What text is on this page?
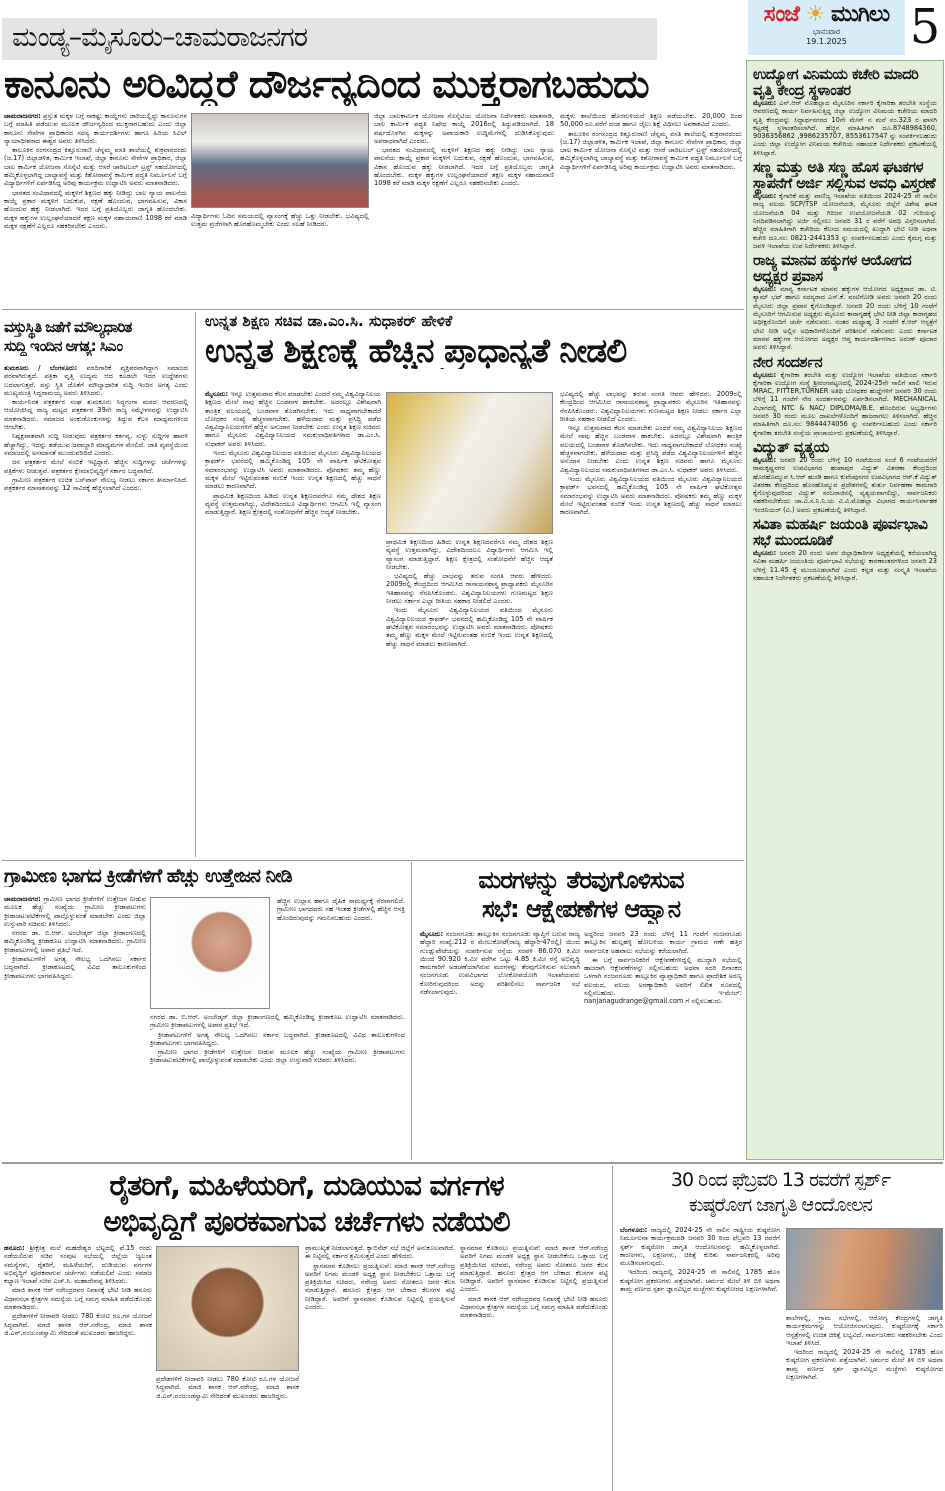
ಮಂಡ್ಯ–ಮೈಸೂರು–ಚಾಮರಾಜನಗರ
ಸಂಜೆ ☀ ಮುಗಿಲು
ಭಾನುವಾರ
19.1.2025	5
ಕಾನೂನು ಅರಿವಿದ್ದರೆ ದೌರ್ಜನ್ಯದಿಂದ ಮುಕ್ತರಾಗಬಹುದು

ಚಾಮರಾಜನಗರ: ಪ್ರಸ್ತುತ ಮಕ್ಕಳ ಬಗ್ಗೆ ಸಾಕಷ್ಟು ಕಾಯ್ದೆಗಳು ಜಾರಿಯಲ್ಲಿದ್ದು ಕಾನೂನುಗಳ ಬಗ್ಗೆ ಮಾಹಿತಿ ಪಡೆಯುವ ಮೂಲಕ ದೌರ್ಜನ್ಯದಿಂದ ಮುಕ್ತರಾಗಬಹುದು ಎಂದು ಜಿಲ್ಲಾ ಕಾನೂನು ಸೇವೆಗಳ ಪ್ರಾಧಿಕಾರದ ಸದಸ್ಯ ಕಾರ್ಯದರ್ಶಿಗಳು ಹಾಗೂ ಹಿರಿಯ ಸಿವಿಲ್ ನ್ಯಾಯಾಧೀಶರಾದ ಈಶ್ವರ ಅವರು ತಿಳಿಸಿದರು.

ತಾಲೂಕಿನ ರಂಗಸಂದ್ರದ ಕಿತ್ತೂರುರಾಣಿ ಚೆನ್ನಮ್ಮ ವಸತಿ ಶಾಲೆಯಲ್ಲಿ ಶುಕ್ರವಾರದಂದು (ಜ.17) ಜಿಲ್ಲಾಡಳಿತ, ಕಾರ್ಮಿಕ ಇಲಾಖೆ, ಜಿಲ್ಲಾ ಕಾನೂನು ಸೇವೆಗಳ ಪ್ರಾಧಿಕಾರ, ಜಿಲ್ಲಾ ಬಾಲ ಕಾರ್ಮಿಕ ಯೋಜನಾ ಸೊಸೈಟಿ ಮತ್ತು ಆಸರೆ ಚಾರಿಟಬಲ್ ಟ್ರಸ್ಟ್ ಸಹಯೋಗದಲ್ಲಿ ಹಮ್ಮಿಕೊಳ್ಳಲಾಗಿದ್ದ ಬಾಲ್ಯಾವಸ್ಥೆ ಮತ್ತು ಕಿಶೋರಾವಸ್ಥೆ ಕಾರ್ಮಿಕ ಪದ್ಧತಿ ನಿರ್ಮೂಲನೆ ಬಗ್ಗೆ ವಿದ್ಯಾರ್ಥಿಗಳಿಗೆ ಏರ್ಪಡಿಸಿದ್ದ ಅರಿವು ಕಾರ್ಯಕ್ರಮ ಉದ್ಘಾಟಿಸಿ ಅವರು ಮಾತನಾಡಿದರು.

ಭಾರತದ ಸಂವಿಧಾನದಲ್ಲಿ ಮಕ್ಕಳಿಗೆ ಶಿಕ್ಷಣದ ಹಕ್ಕು ನೀಡಿದ್ದು ಬಾಲ ನ್ಯಾಯ ಪಾಲನೆಯ ಕಾಯ್ದೆ ಪ್ರಕಾರ ಮಕ್ಕಳಿಗೆ ಬದುಕುವ, ರಕ್ಷಣೆ ಹೊಂದುವ, ಭಾಗವಹಿಸುವ, ವಿಕಾಸ ಹೊಂದುವ ಹಕ್ಕು ನೀಡಲಾಗಿದೆ. ಇದರ ಬಗ್ಗೆ ಪ್ರತಿಯೊಬ್ಬರು ಜಾಗೃತಿ ಹೊಂದಬೇಕು. ಮಕ್ಕಳ ಹಕ್ಕುಗಳ ಉಲ್ಲಂಘನೆಯಾದರೆ ತಕ್ಷಣ ಮಕ್ಕಳ ಸಹಾಯವಾಣಿ 1098 ಕರೆ ಮಾಡಿ ಮಕ್ಕಳ ರಕ್ಷಣೆಗೆ ಎಲ್ಲರೂ ಸಹಕರಿಸಬೇಕು ಎಂದರು.

ವಿದ್ಯಾರ್ಥಿಗಳು ಓದಿನ ಸಮಯದಲ್ಲಿ ವ್ಯಾಸಂಗಕ್ಕೆ ಹೆಚ್ಚು ಒತ್ತು ನೀಡಬೇಕು. ಭವಿಷ್ಯದಲ್ಲಿ ಉತ್ತಮ ಪ್ರಜೆಗಳಾಗಿ ಹೊರಹೊಮ್ಮಬೇಕು ಎಂದು ಸಲಹೆ ನೀಡಿದರು.

ಜಿಲ್ಲಾ ಬಾಲಕಾರ್ಮಿಕ ಯೋಜನಾ ಸೊಸೈಟಿಯ ಯೋಜನಾ ನಿರ್ದೇಶಕರು ಮಾತನಾಡಿ, ಬಾಲ ಕಾರ್ಮಿಕ ಪದ್ಧತಿ ನಿಷೇಧ ಕಾಯ್ದೆ 2016ರಲ್ಲಿ ತಿದ್ದುಪಡಿಯಾಗಿದೆ. 18 ವರ್ಷದೊಳಗಿನ ಮಕ್ಕಳನ್ನು ಅಪಾಯಕಾರಿ ಉದ್ದಿಮೆಗಳಲ್ಲಿ ದುಡಿಸಿಕೊಳ್ಳುವುದು ಅಪರಾಧವಾಗಿದೆ ಎಂದರು.

ಭಾರತದ ಸಂವಿಧಾನದಲ್ಲಿ ಮಕ್ಕಳಿಗೆ ಶಿಕ್ಷಣದ ಹಕ್ಕು ನೀಡಿದ್ದು ಬಾಲ ನ್ಯಾಯ ಪಾಲನೆಯ ಕಾಯ್ದೆ ಪ್ರಕಾರ ಮಕ್ಕಳಿಗೆ ಬದುಕುವ, ರಕ್ಷಣೆ ಹೊಂದುವ, ಭಾಗವಹಿಸುವ, ವಿಕಾಸ ಹೊಂದುವ ಹಕ್ಕು ನೀಡಲಾಗಿದೆ. ಇದರ ಬಗ್ಗೆ ಪ್ರತಿಯೊಬ್ಬರು ಜಾಗೃತಿ ಹೊಂದಬೇಕು. ಮಕ್ಕಳ ಹಕ್ಕುಗಳ ಉಲ್ಲಂಘನೆಯಾದರೆ ತಕ್ಷಣ ಮಕ್ಕಳ ಸಹಾಯವಾಣಿ 1098 ಕರೆ ಮಾಡಿ ಮಕ್ಕಳ ರಕ್ಷಣೆಗೆ ಎಲ್ಲರೂ ಸಹಕರಿಸಬೇಕು ಎಂದರು.

ಮಕ್ಕಳು ಶಾಲೆಯಿಂದ ಹೊರಗುಳಿಯದೆ ಶಿಕ್ಷಣ ಪಡೆಯಬೇಕು. 20,000 ದಿಂದ 50,000 ರೂ.ವರೆಗೆ ದಂಡ ಹಾಗೂ ಜೈಲು ಶಿಕ್ಷೆ ವಿಧಿಸಲು ಅವಕಾಶವಿದೆ ಎಂದರು.

ತಾಲೂಕಿನ ರಂಗಸಂದ್ರದ ಕಿತ್ತೂರುರಾಣಿ ಚೆನ್ನಮ್ಮ ವಸತಿ ಶಾಲೆಯಲ್ಲಿ ಶುಕ್ರವಾರದಂದು (ಜ.17) ಜಿಲ್ಲಾಡಳಿತ, ಕಾರ್ಮಿಕ ಇಲಾಖೆ, ಜಿಲ್ಲಾ ಕಾನೂನು ಸೇವೆಗಳ ಪ್ರಾಧಿಕಾರ, ಜಿಲ್ಲಾ ಬಾಲ ಕಾರ್ಮಿಕ ಯೋಜನಾ ಸೊಸೈಟಿ ಮತ್ತು ಆಸರೆ ಚಾರಿಟಬಲ್ ಟ್ರಸ್ಟ್ ಸಹಯೋಗದಲ್ಲಿ ಹಮ್ಮಿಕೊಳ್ಳಲಾಗಿದ್ದ ಬಾಲ್ಯಾವಸ್ಥೆ ಮತ್ತು ಕಿಶೋರಾವಸ್ಥೆ ಕಾರ್ಮಿಕ ಪದ್ಧತಿ ನಿರ್ಮೂಲನೆ ಬಗ್ಗೆ ವಿದ್ಯಾರ್ಥಿಗಳಿಗೆ ಏರ್ಪಡಿಸಿದ್ದ ಅರಿವು ಕಾರ್ಯಕ್ರಮ ಉದ್ಘಾಟಿಸಿ ಅವರು ಮಾತನಾಡಿದರು.

ವಸ್ತುಸ್ಥಿತಿ ಜತೆಗೆ ಮೌಲ್ಯಧಾರಿತ
ಸುದ್ದಿ ಇಂದಿನ ಅಗತ್ಯ: ಸಿಎಂ

ತುಮಕೂರು / ಬೆಂಗಳೂರು: ವರದಿಗಾರಿಕೆ ವ್ಯಕ್ತಿಪರವಾಗಿದ್ದಾಗ ಸಮಾಜದ ಪರವಾಗಿರುತ್ತದೆ. ಪತ್ರಿಕಾ ವೃತ್ತಿ ಉದ್ಯಮ ಆದ ಕೂಡಲೇ ಇದರ ಉದ್ದೇಶಗಳು ಬದಲಾಗುತ್ತವೆ. ವಸ್ತು ಸ್ಥಿತಿ ಜೊತೆಗೆ ಮೌಲ್ಯಾಧಾರಿತ ಸುದ್ದಿ ಇಂದಿನ ಅಗತ್ಯ ಎಂದು ಮುಖ್ಯಮಂತ್ರಿ ಸಿದ್ದರಾಮಯ್ಯ ಅವರು ತಿಳಿಸಿದರು.

ಕಾರ್ಯನಿರತ ಪತ್ರಕರ್ತರ ಸಂಘ ತುಮಕೂರು ಸಿದ್ಧಗಂಗಾ ಮಠದ ಆವರಣದಲ್ಲಿ ಆಯೋಜಿಸಿದ್ದ ರಾಜ್ಯ ಮಟ್ಟದ ಪತ್ರಕರ್ತರ 39ನೇ ರಾಜ್ಯ ಸಮ್ಮೇಳನವನ್ನು ಉದ್ಘಾಟಿಸಿ ಮಾತನಾಡಿದರು. ಸಮಾಜದ ಅಂಕುಡೊಂಕುಗಳನ್ನು ತಿದ್ದುವ ಕೆಲಸ ಮಾಧ್ಯಮಗಳಿಂದ ಆಗಬೇಕು.

ನಿಷ್ಪಕ್ಷಪಾತವಾಗಿ ಸುದ್ದಿ ನೀಡುವುದು ಪತ್ರಕರ್ತರ ಕರ್ತವ್ಯ. ಸುಳ್ಳು ಸುದ್ದಿಗಳ ಹಾವಳಿ ಹೆಚ್ಚಾಗಿದ್ದು, ಇದನ್ನು ತಡೆಯುವ ಜವಾಬ್ದಾರಿ ಮಾಧ್ಯಮಗಳ ಮೇಲಿದೆ. ಜಾತಿ ವ್ಯವಸ್ಥೆಯಿಂದ ಸಮಾಜದಲ್ಲಿ ಅಸಮಾನತೆ ಮುಂದುವರಿದಿದೆ ಎಂದರು.

ಜನ ಪತ್ರಕರ್ತರ ಮೇಲೆ ನಂಬಿಕೆ ಇಟ್ಟಿದ್ದಾರೆ. ಹೆಚ್ಚಿನ ಸುದ್ದಿಗಳನ್ನು ಚರ್ಚೆಗಳನ್ನು ಪತ್ರಿಕೆಗಳು ನೀಡುತ್ತವೆ. ಪತ್ರಕರ್ತರ ಕ್ಷೇಮಾಭಿವೃದ್ಧಿಗೆ ಸರ್ಕಾರ ಬದ್ಧವಾಗಿದೆ.

ಗ್ರಾಮೀಣ ಪತ್ರಕರ್ತರ ಉಚಿತ ಬಸ್‌ಪಾಸ್ ಸೌಲಭ್ಯ ನೀಡಲು ಸರ್ಕಾರ ತೀರ್ಮಾನಿಸಿದೆ. ಪತ್ರಕರ್ತರ ಮಾಸಾಶನವನ್ನು 12 ಸಾವಿರಕ್ಕೆ ಹೆಚ್ಚಿಸಲಾಗಿದೆ ಎಂದರು.

ಉನ್ನತ ಶಿಕ್ಷಣ ಸಚಿವ ಡಾ.ಎಂ.ಸಿ. ಸುಧಾಕರ್ ಹೇಳಿಕೆ
ಉನ್ನತ ಶಿಕ್ಷಣಕ್ಕೆ ಹೆಚ್ಚಿನ ಪ್ರಾಧಾನ್ಯತೆ ನೀಡಲಿ

ಮೈಸೂರು: ಇನ್ನೂ ಉತ್ತಮವಾದ ಕೆಲಸ ಮಾಡಬೇಕು ಎಂದರೆ ನಮ್ಮ ವಿಶ್ವವಿದ್ಯಾನಿಲಯ ಶಿಕ್ಷಣದ ಮೇಲೆ ನಾವು ಹೆಚ್ಚಿನ ಬಂಡವಾಳ ಹಾಕಬೇಕು. ಅದರಲ್ಲೂ ವಿಶೇಷವಾಗಿ ತಾಂತ್ರಿಕ ವಲಯದಲ್ಲಿ ಬಂಡವಾಳ ತೊಡಗಿಸಬೇಕು. ಇದು ಸಾಧ್ಯವಾಗಬೇಕಾದರೆ ಬೋಧಕರ ಸಂಖ್ಯೆ ಹೆಚ್ಚಳವಾಗಬೇಕು. ಹಳೆಯದಾದ ಮತ್ತು ಪ್ರಸಿದ್ಧಿ ಪಡೆದ ವಿಶ್ವವಿದ್ಯಾನಿಲಯಗಳಿಗೆ ಹೆಚ್ಚಿನ ಅನುದಾನ ನೀಡಬೇಕು ಎಂದು ಉನ್ನತ ಶಿಕ್ಷಣ ಸಚಿವರು ಹಾಗೂ ಮೈಸೂರು ವಿಶ್ವವಿದ್ಯಾನಿಲಯದ ಸಮಕುಲಾಧಿಪತಿಗಳಾದ ಡಾ.ಎಂ.ಸಿ. ಸುಧಾಕರ್ ಅವರು ತಿಳಿಸಿದರು.

ಇಂದು ಮೈಸೂರು ವಿಶ್ವವಿದ್ಯಾನಿಲಯದ ವತಿಯಿಂದ ಮೈಸೂರು ವಿಶ್ವವಿದ್ಯಾನಿಲಯದ ಕ್ರಾಫರ್ಡ್ ಭವನದಲ್ಲಿ ಹಮ್ಮಿಕೊಂಡಿದ್ದ 105 ನೇ ವಾರ್ಷಿಕ ಘಟಿಕೋತ್ಸವ ಸಮಾರಂಭವನ್ನು ಉದ್ಘಾಟಿಸಿ ಅವರು ಮಾತನಾಡಿದರು. ಪೋಷಕರು ತಮ್ಮ ಹೆಣ್ಣು ಮಕ್ಕಳ ಮೇಲೆ ಇಟ್ಟಿರುವಂತಹ ನಂಬಿಕೆ ಇಂದು ಉನ್ನತ ಶಿಕ್ಷಣದಲ್ಲಿ ಹೆಚ್ಚು ಸಾಧನೆ ಮಾಡಲು ಕಾರಣವಾಗಿದೆ.

ಪ್ರಾಥಮಿಕ ಶಿಕ್ಷಣದಿಂದ ಹಿಡಿದು ಉನ್ನತ ಶಿಕ್ಷಣದವರೆಗೂ ನಮ್ಮ ದೇಶದ ಶಿಕ್ಷಣ ವ್ಯವಸ್ಥೆ ಉತ್ತಮವಾಗಿದ್ದು, ವಿದೇಶದಿಂದಲೂ ವಿದ್ಯಾರ್ಥಿಗಳು ಆಗಮಿಸಿ ಇಲ್ಲಿ ವ್ಯಾಸಂಗ ಮಾಡುತ್ತಿದ್ದಾರೆ. ಶಿಕ್ಷಣ ಕ್ಷೇತ್ರದಲ್ಲಿ ಸಂಶೋಧನೆಗೆ ಹೆಚ್ಚಿನ ಆದ್ಯತೆ ನೀಡಬೇಕು.

ಪ್ರಾಥಮಿಕ ಶಿಕ್ಷಣದಿಂದ ಹಿಡಿದು ಉನ್ನತ ಶಿಕ್ಷಣದವರೆಗೂ ನಮ್ಮ ದೇಶದ ಶಿಕ್ಷಣ ವ್ಯವಸ್ಥೆ ಉತ್ತಮವಾಗಿದ್ದು, ವಿದೇಶದಿಂದಲೂ ವಿದ್ಯಾರ್ಥಿಗಳು ಆಗಮಿಸಿ ಇಲ್ಲಿ ವ್ಯಾಸಂಗ ಮಾಡುತ್ತಿದ್ದಾರೆ. ಶಿಕ್ಷಣ ಕ್ಷೇತ್ರದಲ್ಲಿ ಸಂಶೋಧನೆಗೆ ಹೆಚ್ಚಿನ ಆದ್ಯತೆ ನೀಡಬೇಕು.

ಭವಿಷ್ಯದಲ್ಲಿ ಹೆಚ್ಚು ಲಾಭವನ್ನು ತರುವ ಸಂಗತಿ ಆವರು ಹೇಳಿದರು. 2009ರಲ್ಲಿ ಕೇಂದ್ರದಿಂದ ಆಗಮಿಸಿದ ರಾಸಾಯನಶಾಸ್ತ್ರ ಪ್ರಾಧ್ಯಾಪಕರು ಮೈಸೂರಿನ ಇತಿಹಾಸವನ್ನು ನೆನಪಿಸಿಕೊಂಡರು. ವಿಶ್ವವಿದ್ಯಾನಿಲಯಗಳು ಗುಣಮಟ್ಟದ ಶಿಕ್ಷಣ ನೀಡಲು ಸರ್ಕಾರ ಎಲ್ಲಾ ರೀತಿಯ ಸಹಕಾರ ನೀಡಲಿದೆ ಎಂದರು.

ಇಂದು ಮೈಸೂರು ವಿಶ್ವವಿದ್ಯಾನಿಲಯದ ವತಿಯಿಂದ ಮೈಸೂರು ವಿಶ್ವವಿದ್ಯಾನಿಲಯದ ಕ್ರಾಫರ್ಡ್ ಭವನದಲ್ಲಿ ಹಮ್ಮಿಕೊಂಡಿದ್ದ 105 ನೇ ವಾರ್ಷಿಕ ಘಟಿಕೋತ್ಸವ ಸಮಾರಂಭವನ್ನು ಉದ್ಘಾಟಿಸಿ ಅವರು ಮಾತನಾಡಿದರು. ಪೋಷಕರು ತಮ್ಮ ಹೆಣ್ಣು ಮಕ್ಕಳ ಮೇಲೆ ಇಟ್ಟಿರುವಂತಹ ನಂಬಿಕೆ ಇಂದು ಉನ್ನತ ಶಿಕ್ಷಣದಲ್ಲಿ ಹೆಚ್ಚು ಸಾಧನೆ ಮಾಡಲು ಕಾರಣವಾಗಿದೆ.

ಭವಿಷ್ಯದಲ್ಲಿ ಹೆಚ್ಚು ಲಾಭವನ್ನು ತರುವ ಸಂಗತಿ ಆವರು ಹೇಳಿದರು. 2009ರಲ್ಲಿ ಕೇಂದ್ರದಿಂದ ಆಗಮಿಸಿದ ರಾಸಾಯನಶಾಸ್ತ್ರ ಪ್ರಾಧ್ಯಾಪಕರು ಮೈಸೂರಿನ ಇತಿಹಾಸವನ್ನು ನೆನಪಿಸಿಕೊಂಡರು. ವಿಶ್ವವಿದ್ಯಾನಿಲಯಗಳು ಗುಣಮಟ್ಟದ ಶಿಕ್ಷಣ ನೀಡಲು ಸರ್ಕಾರ ಎಲ್ಲಾ ರೀತಿಯ ಸಹಕಾರ ನೀಡಲಿದೆ ಎಂದರು.

ಇನ್ನೂ ಉತ್ತಮವಾದ ಕೆಲಸ ಮಾಡಬೇಕು ಎಂದರೆ ನಮ್ಮ ವಿಶ್ವವಿದ್ಯಾನಿಲಯ ಶಿಕ್ಷಣದ ಮೇಲೆ ನಾವು ಹೆಚ್ಚಿನ ಬಂಡವಾಳ ಹಾಕಬೇಕು. ಅದರಲ್ಲೂ ವಿಶೇಷವಾಗಿ ತಾಂತ್ರಿಕ ವಲಯದಲ್ಲಿ ಬಂಡವಾಳ ತೊಡಗಿಸಬೇಕು. ಇದು ಸಾಧ್ಯವಾಗಬೇಕಾದರೆ ಬೋಧಕರ ಸಂಖ್ಯೆ ಹೆಚ್ಚಳವಾಗಬೇಕು. ಹಳೆಯದಾದ ಮತ್ತು ಪ್ರಸಿದ್ಧಿ ಪಡೆದ ವಿಶ್ವವಿದ್ಯಾನಿಲಯಗಳಿಗೆ ಹೆಚ್ಚಿನ ಅನುದಾನ ನೀಡಬೇಕು ಎಂದು ಉನ್ನತ ಶಿಕ್ಷಣ ಸಚಿವರು ಹಾಗೂ ಮೈಸೂರು ವಿಶ್ವವಿದ್ಯಾನಿಲಯದ ಸಮಕುಲಾಧಿಪತಿಗಳಾದ ಡಾ.ಎಂ.ಸಿ. ಸುಧಾಕರ್ ಅವರು ತಿಳಿಸಿದರು.

ಇಂದು ಮೈಸೂರು ವಿಶ್ವವಿದ್ಯಾನಿಲಯದ ವತಿಯಿಂದ ಮೈಸೂರು ವಿಶ್ವವಿದ್ಯಾನಿಲಯದ ಕ್ರಾಫರ್ಡ್ ಭವನದಲ್ಲಿ ಹಮ್ಮಿಕೊಂಡಿದ್ದ 105 ನೇ ವಾರ್ಷಿಕ ಘಟಿಕೋತ್ಸವ ಸಮಾರಂಭವನ್ನು ಉದ್ಘಾಟಿಸಿ ಅವರು ಮಾತನಾಡಿದರು. ಪೋಷಕರು ತಮ್ಮ ಹೆಣ್ಣು ಮಕ್ಕಳ ಮೇಲೆ ಇಟ್ಟಿರುವಂತಹ ನಂಬಿಕೆ ಇಂದು ಉನ್ನತ ಶಿಕ್ಷಣದಲ್ಲಿ ಹೆಚ್ಚು ಸಾಧನೆ ಮಾಡಲು ಕಾರಣವಾಗಿದೆ.

ಗ್ರಾಮೀಣ ಭಾಗದ ಕ್ರೀಡೆಗಳಿಗೆ ಹೆಚ್ಚು ಉತ್ತೇಜನ ನೀಡಿ

ಚಾಮರಾಜನಗರ: ಗ್ರಾಮೀಣ ಭಾಗದ ಕ್ರೀಡೆಗಳಿಗೆ ಉತ್ತೇಜನ ನೀಡುವ ಮೂಲಕ ಹೆಚ್ಚು ಸಂಖ್ಯೆಯ ಗ್ರಾಮೀಣ ಕ್ರೀಡಾಪಟುಗಳು ಕ್ರೀಡಾಚಟುವಟಿಕೆಗಳಲ್ಲಿ ಪಾಲ್ಗೊಳ್ಳುವಂತೆ ಮಾಡಬೇಕು ಎಂದು ಜಿಲ್ಲಾ ಉಸ್ತುವಾರಿ ಸಚಿವರು ತಿಳಿಸಿದರು.

ನಗರದ ಡಾ. ಬಿ.ಆರ್. ಅಂಬೇಡ್ಕರ್ ಜಿಲ್ಲಾ ಕ್ರೀಡಾಂಗಣದಲ್ಲಿ ಹಮ್ಮಿಕೊಂಡಿದ್ದ ಕ್ರೀಡಾಕೂಟ ಉದ್ಘಾಟಿಸಿ ಮಾತನಾಡಿದರು. ಗ್ರಾಮೀಣ ಕ್ರೀಡಾಪಟುಗಳಲ್ಲಿ ಅಪಾರ ಪ್ರತಿಭೆ ಇದೆ.

ಕ್ರೀಡಾಪಟುಗಳಿಗೆ ಅಗತ್ಯ ಸೌಲಭ್ಯ ಒದಗಿಸಲು ಸರ್ಕಾರ ಬದ್ಧವಾಗಿದೆ. ಕ್ರೀಡಾಕೂಟದಲ್ಲಿ ವಿವಿಧ ತಾಲೂಕುಗಳಿಂದ ಕ್ರೀಡಾಪಟುಗಳು ಭಾಗವಹಿಸಿದ್ದರು.

ನಗರದ ಡಾ. ಬಿ.ಆರ್. ಅಂಬೇಡ್ಕರ್ ಜಿಲ್ಲಾ ಕ್ರೀಡಾಂಗಣದಲ್ಲಿ ಹಮ್ಮಿಕೊಂಡಿದ್ದ ಕ್ರೀಡಾಕೂಟ ಉದ್ಘಾಟಿಸಿ ಮಾತನಾಡಿದರು. ಗ್ರಾಮೀಣ ಕ್ರೀಡಾಪಟುಗಳಲ್ಲಿ ಅಪಾರ ಪ್ರತಿಭೆ ಇದೆ.

ಕ್ರೀಡಾಪಟುಗಳಿಗೆ ಅಗತ್ಯ ಸೌಲಭ್ಯ ಒದಗಿಸಲು ಸರ್ಕಾರ ಬದ್ಧವಾಗಿದೆ. ಕ್ರೀಡಾಕೂಟದಲ್ಲಿ ವಿವಿಧ ತಾಲೂಕುಗಳಿಂದ ಕ್ರೀಡಾಪಟುಗಳು ಭಾಗವಹಿಸಿದ್ದರು.

ಗ್ರಾಮೀಣ ಭಾಗದ ಕ್ರೀಡೆಗಳಿಗೆ ಉತ್ತೇಜನ ನೀಡುವ ಮೂಲಕ ಹೆಚ್ಚು ಸಂಖ್ಯೆಯ ಗ್ರಾಮೀಣ ಕ್ರೀಡಾಪಟುಗಳು ಕ್ರೀಡಾಚಟುವಟಿಕೆಗಳಲ್ಲಿ ಪಾಲ್ಗೊಳ್ಳುವಂತೆ ಮಾಡಬೇಕು ಎಂದು ಜಿಲ್ಲಾ ಉಸ್ತುವಾರಿ ಸಚಿವರು ತಿಳಿಸಿದರು.

ಹೆಚ್ಚಿನ ಉಲ್ಲಾಸ ಹಾಗೂ ದೈಹಿಕ ಸಾಮರ್ಥ್ಯಕ್ಕೆ ನೆರವಾಗಲಿದೆ. ಗ್ರಾಮೀಣ ಭಾಗದವರು ಸಹ ಇಂತಹ ಕ್ರೀಡೆಗಳಲ್ಲಿ ಹೆಚ್ಚಿನ ಆಸಕ್ತಿ ಹೊಂದಿರುವುದನ್ನು ಗಮನಿಸಬಹುದು ಎಂದರು.

ಮರಗಳನ್ನು ತೆರವುಗೊಳಿಸುವ
ಸಭೆ: ಆಕ್ಷೇಪಣೆಗಳ ಆಹ್ವಾನ

ಮೈಸೂರು: ನಂಜನಗೂಡು ತಾಲ್ಲೂಕಿನ ನಂಜನಗೂಡು ವ್ಯಾಪ್ತಿಗೆ ಬರುವ ರಾಜ್ಯ ಹೆದ್ದಾರಿ ಸಂಖ್ಯೆ:212 ರ ಮೇಲುಕೋಟೆ(ರಾಜ್ಯ ಹೆದ್ದಾರಿ-47ರಲ್ಲಿ) ಯಿಂದ ಗುಂಡ್ಲುಪೇಟೆಯನ್ನು ಸಂಪರ್ಕಿಸುವ ರಸ್ತೆಯ ಸರಪಳಿ 86.070 ಕಿ.ಮೀ ಯಿಂದ 90.920 ಕಿ.ಮೀ ವರೆಗಿನ ಒಟ್ಟು 4.85 ಕಿ.ಮೀ ರಸ್ತೆ ಅಭಿವೃದ್ಧಿ ಕಾಮಗಾರಿಗೆ ಅಡಚಣೆಯಾಗಿರುವ ಮರಗಳನ್ನು ತೆರವುಗೊಳಿಸುವ ಸಲುವಾಗಿ ನಂಜನಗೂಡು ಉಪವಿಭಾಗದ ಲೋಕೋಪಯೋಗಿ ಇಲಾಖೆಯವರು ಕೋರಿರುವುದರಿಂದ ಅದನ್ನು ಪರಿಶೀಲಿಸಲು ಸಾರ್ವಜನಿಕ ಸಭೆ ನಡೆಸಲಾಗುವುದು.

ಅದ್ದರಿಂದ ಜನವರಿ 23 ರಂದು ಬೆಳಿಗ್ಗೆ 11 ಗಂಟೆಗೆ ನಂಜನಗೂಡು ತಾಲ್ಲೂಕಿನ ಹುಲ್ಲಹಳ್ಳಿ ಹೋಬಳಿಯ ಕಾರ್ಯ ಗ್ರಾಮದ ಗಣೇ ಹತ್ತಿರ ಸಾರ್ವಜನಿಕ ಅಹವಾಲು ಸಭೆಯನ್ನು ಕರೆಯಲಾಗಿದೆ.

ಈ ಬಗ್ಗೆ ಸಾರ್ವಜನಿಕರಿಗೆ ಆಕ್ಷೇಪಣೆಗಳಿದ್ದಲ್ಲಿ ಮುದ್ದಾಗಿ ಸಭೆಯಲ್ಲಿ ಹಾಜರಾಗಿ ಆಕ್ಷೇಪಣೆಗಳನ್ನು ಸಲ್ಲಿಸಬಹುದು ಅಥವಾ ಸದರಿ ದಿನಾಂಕದ ಒಳಗಾಗಿ ನಂಜನಗೂಡು ತಾಲ್ಲೂಕಿನ ವ್ಯಾಪ್ತಾಧಿಕಾರಿ ಹಾಗೂ ಪ್ರಾದೇಶಿಕ ಅರಣ್ಯ ವಲಯದ, ವಲಯ ಅರಣ್ಯಾಧಿಕಾರಿ ಅವರಿಗೆ ಲಿಖಿತ ರೂಪದಲ್ಲಿ ಸಲ್ಲಿಸಬಹುದು. ಇ-ಮೇಲ್: nanjanagudrange@gmail.com ಗೆ ಸಲ್ಲಿಸಬಹುದು.

ಉದ್ಯೋಗ ವಿನಿಮಯ ಕಚೇರಿ ಮಾದರಿ ವೃತ್ತಿ ಕೇಂದ್ರ ಸ್ಥಳಾಂತರ
ಮೈಸೂರು: ಎನ್.ಆರ್ ಮೊಹಲ್ಲಾದ ಮೈಸೂರಿನ ಸರ್ಕಾರಿ ಕೈಗಾರಿಕಾ ತರಬೇತಿ ಸಂಸ್ಥೆಯ ಆವರಣದಲ್ಲಿ ಕಾರ್ಯ ನಿರ್ವಹಿಸುತ್ತಿದ್ದ ಜಿಲ್ಲಾ ಉದ್ಯೋಗ ವಿನಿಮಯ ಕಚೇರಿಯ ಮಾದರಿ ವೃತ್ತಿ ಕೇಂದ್ರವನ್ನು ಸಿದ್ಧಾರ್ಥನಗರದ 10ನೇ ಮೇನ್ ನ ಮನೆ ನಂ.323 ರ ಖಾಸಗಿ ಕಟ್ಟಡಕ್ಕೆ ಸ್ಥಳಾಂತರಿಸಲಾಗಿದೆ. ಹೆಚ್ಚಿನ ಮಾಹಿತಿಗಾಗಿ ದೂ.8748984360, 9036356862 ,9986235707, 8553617547 ನ್ನು ಸಂಪರ್ಕಿಸಬಹುದು ಎಂದು ಜಿಲ್ಲಾ ಉದ್ಯೋಗ ವಿನಿಮಯ ಕಚೇರಿಯ ಸಹಾಯಕ ನಿರ್ದೇಶಕರು ಪ್ರಕಟಣೆಯಲ್ಲಿ ತಿಳಿಸಿದ್ದಾರೆ.
ಸಣ್ಣ ಮತ್ತು ಅತಿ ಸಣ್ಣ ಹೊಸ ಘಟಕಗಳ ಸ್ಥಾಪನೆಗೆ ಅರ್ಜಿ ಸಲ್ಲಿಸುವ ಅವಧಿ ವಿಸ್ತರಣೆ
ಮೈಸೂರು: ಕೈಗಾರಿಕೆ ಮತ್ತು ವಾಣಿಜ್ಯ ಇಲಾಖೆಯ ವತಿಯಿಂದ 2024-25 ನೇ ಸಾಲಿನ ರಾಜ್ಯ ವಲಯ SCP/TSP ಯೋಜನೆಯಡಿ, ಮೈಸೂರು ಜಿಲ್ಲೆಗೆ ವಿಶೇಷ ಘಟಕ ಯೋಜನೆಯಡಿ 04 ಮತ್ತು ಗಿರಿಜನ ಉಪಯೋಜನೆಯಡಿ 02 ಗುರಿಯನ್ನು ನಿಗದಿಪಡಿಸಲಾಗಿದ್ದು ಅರ್ಜಿ ಸಲ್ಲಿಸಲು ಜನವರಿ 31 ರ ವರೆಗೆ ಅವಧಿ ವಿಸ್ತರಿಸಲಾಗಿದೆ. ಹೆಚ್ಚಿನ ಮಾಹಿತಿಗಾಗಿ ಕಚೇರಿಯ ಕೆಲಸದ ಸಮಯದಲ್ಲಿ ಖುದ್ದಾಗಿ ಭೇಟಿ ನೀಡಿ ಅಥವಾ ಕಚೇರಿ ದೂ.ಸಂ: 0821-2441353 ನ್ನು ಸಂಪರ್ಕಿಸಬಹುದು ಎಂದು ಕೈಮಗ್ಗ ಮತ್ತು ಜವಳಿ ಇಲಾಖೆಯ ಉಪ ನಿರ್ದೇಶಕರು ತಿಳಿಸಿದ್ದಾರೆ.
ರಾಜ್ಯ ಮಾನವ ಹಕ್ಕುಗಳ ಆಯೋಗದ ಅಧ್ಯಕ್ಷರ ಪ್ರವಾಸ
ಮೈಸೂರು: ಮಾನ್ಯ ಕರ್ನಾಟಕ ಮಾನವ ಹಕ್ಕುಗಳ ಆಯೋಗದ ಅಧ್ಯಕ್ಷರಾದ ಡಾ. ಟಿ. ಶ್ಯಾಮ್ ಭಟ್ ಹಾಗೂ ಸದಸ್ಯರಾದ ಎಸ್.ಕೆ. ವಂಟಿಗೋಡಿ ಅವರು ಜನವರಿ 20 ರಂದು ಮೈಸೂರು ಜಿಲ್ಲಾ ಪ್ರವಾಸ ಕೈಗೊಂಡಿದ್ದಾರೆ. ಜನವರಿ 20 ರಂದು ಬೆಳಿಗ್ಗೆ 10 ಗಂಟೆಗೆ ಮೈಸೂರಿಗೆ ಆಗಮಿಸುವ ಅಧ್ಯಕ್ಷರು ಮೈಸೂರು ಕಾರಾಗೃಹಕ್ಕೆ ಭೇಟಿ ನೀಡಿ ಜಿಲ್ಲಾ ಕಾರಾಗೃಹದ ಅಧೀಕ್ಷರೊಂದಿಗೆ ಚರ್ಚೆ ನಡೆಸುವರು. ನಂತರ ಮಧ್ಯಾಹ್ನ 3 ಗಂಟೆಗೆ ಕೆ.ಆರ್ ಆಸ್ಪತ್ರೆಗೆ ಭೇಟಿ ನೀಡಿ ಅಲ್ಲಿನ ಅಧಿಕಾರಿಗಳೊಂದಿಗೆ ಪರಿಶೀಲನೆ ನಡೆಸುವರು ಎಂದು ಕರ್ನಾಟಕ ಮಾನವ ಹಕ್ಕುಗಳ ಆಯೋಗದ ಅಧ್ಯಕ್ಷರ ಆಪ್ತ ಕಾರ್ಯದರ್ಶಿಗಳಾದ ಅರುಣ್ ಪೂಜಾರ ಅವರು ತಿಳಿಸಿದ್ದಾರೆ.
ನೇರ ಸಂದರ್ಶನ
ಮೈಸೂರು: ಕೈಗಾರಿಕಾ ತರಬೇತಿ ಮತ್ತು ಉದ್ಯೋಗ ಇಲಾಖೆಯ ವತಿಯಿಂದ ಸರ್ಕಾರಿ ಕೈಗಾರಿಕಾ ಉದ್ಯೋಗ ಸಂಸ್ಥೆ ಶ್ರೀರಂಗಪಟ್ಟಣದಲ್ಲಿ 2024-25ನೇ ಸಾಲಿಗೆ ಖಾಲಿ ಇರುವ MRAC, FITTER,TURNER ಅತಿಥಿ ಬೋಧಕರ ಹುದ್ದೆಗಳಿಗೆ ಜನವರಿ 30 ರಂದು ಬೆಳಿಗ್ಗೆ 11 ಗಂಟೆಗೆ ನೇರ ಸಂದರ್ಶನವನ್ನು ಏರ್ಪಡಿಸಲಾಗಿದೆ. MECHANICAL ವಿಭಾಗದಲ್ಲಿ NTC & NAC/ DIPLOMA/B.E. ಹೊಂದಿರುವ ಅಭ್ಯರ್ಥಿಗಳು ಜನವರಿ 30 ರಂದು ಮೂಲ ದಾಖಲೆಗಳೊಂದಿಗೆ ಹಾಜರಾಗಲು ತಿಳಿಸಲಾಗಿದೆ. ಹೆಚ್ಚಿನ ಮಾಹಿತಿಗಾಗಿ ದೂ.ಸಂ: 9844474056 ನ್ನು ಸಂಪರ್ಕಿಸಬಹುದು ಎಂದು ಸರ್ಕಾರಿ ಕೈಗಾರಿಕಾ ತರಬೇತಿ ಸಂಸ್ಥೆಯ ಪ್ರಾಚಾರ್ಯರು ಪ್ರಕಟಣೆಯಲ್ಲಿ ತಿಳಿಸಿದ್ದಾರೆ.
ವಿದ್ಯುತ್ ವ್ಯತ್ಯಯ
ಮೈಸೂರು: ಜನವರಿ 20 ರಂದು ಬೆಳಿಗ್ಗೆ 10 ಗಂಟೆಯಿಂದ ಸಂಜೆ 6 ಗಂಟೆಯವರೆಗೆ ರಾಮಕೃಷ್ಣನಗರ ಉಪವಿಭಾಗದ ಹಂಪಾಪುರ ವಿದ್ಯುತ್ ವಿತರಣಾ ಕೇಂದ್ರದಿಂದ ಹೊರಹೊಮ್ಮುವ ಸಿ.ಆರ್ ಹುಂಡಿ ಹಾಗೂ ಕುವೆಂಪುನಗರ ಉಪವಿಭಾಗದ ಆರ್.ಕೆ ವಿದ್ಯುತ್ ವಿತರಣಾ ಕೇಂದ್ರದಿಂದ ಹೊರಹೊಮ್ಮುವ ಪ್ರದೇಶಗಳಲ್ಲಿ ತುರ್ತು ನಿರ್ವಹಣಾ ಕಾಮಗಾರಿ ಕೈಗೊಳ್ಳುವುದರಿಂದ ವಿದ್ಯುತ್ ಸರಬರಾಜಿನಲ್ಲಿ ವ್ಯತ್ಯಯವಾಗಲಿದ್ದು, ಸಾರ್ವಜನಿಕರು ಸಹಕರಿಸಬೇಕೆಂದು ಚಾ.ವಿ.ಸ.ನಿ.ನಿ.ಯ ವಿ.ವಿ.ಮೊಹಲ್ಲಾ ವಿಭಾಗದ ಕಾರ್ಯನಿರ್ವಾಹಕ ಇಂಜಿನಿಯರ್ (ವಿ.) ಅವರು ಪ್ರಕಟಣೆಯಲ್ಲಿ ತಿಳಿಸಿದ್ದಾರೆ.
ಸವಿತಾ ಮಹರ್ಷಿ ಜಯಂತಿ ಪೂರ್ವಭಾವಿ ಸಭೆ ಮುಂದೂಡಿಕೆ
ಮೈಸೂರು: ಜನವರಿ 20 ರಂದು ಅಪರ ಜಿಲ್ಲಾಧಿಕಾರಿಗಳ ಅಧ್ಯಕ್ಷತೆಯಲ್ಲಿ ಕರೆಯಲಾಗಿದ್ದ ಸವಿತಾ ಮಹರ್ಷಿ ಜಯಂತಿಯ ಪೂರ್ವಭಾವಿ ಸಭೆಯನ್ನು ಕಾರಣಾಂತರಗಳಿಂದ ಜನವರಿ 23 ಬೆಳಿಗ್ಗೆ 11.45 ಕ್ಕೆ ಮುಂದೂಡಲಾಗಿದೆ ಎಂದು ಕನ್ನಡ ಮತ್ತು ಸಂಸ್ಕೃತಿ ಇಲಾಖೆಯ ಸಹಾಯಕ ನಿರ್ದೇಶಕರು ಪ್ರಕಟಣೆಯಲ್ಲಿ ತಿಳಿಸಿದ್ದಾರೆ.
ರೈತರಿಗೆ, ಮಹಿಳೆಯರಿಗೆ, ದುಡಿಯುವ ವರ್ಗಗಳ
ಅಭಿವೃದ್ಧಿಗೆ ಪೂರಕವಾಗುವ ಚರ್ಚೆಗಳು ನಡೆಯಲಿ

ಹನೂರು: ಶ್ರೀಕ್ಷೇತ್ರ ಮಲೆ ಮಹದೇಶ್ವರ ಬೆಟ್ಟದಲ್ಲಿ ಫೆ.15 ರಂದು ನಡೆಯಲಿರುವ ಸಚಿವ ಸಂಪುಟ ಸಭೆಯಲ್ಲಿ ಜಿಲ್ಲೆಯ ಜ್ವಲಂತ ಸಮಸ್ಯೆಗಳು, ರೈತರಿಗೆ, ಮಹಿಳೆಯರಿಗೆ, ದುಡಿಯುವ ವರ್ಗಗಳ ಅಭಿವೃದ್ಧಿಗೆ ಪೂರಕವಾಗುವ ಚರ್ಚೆಗಳು ನಡೆಯಲಿವೆ ಎಂದು ಸಮಾಜ ಕಲ್ಯಾಣ ಇಲಾಖೆ ಸಚಿವ ಎಚ್.ಸಿ. ಮಹಾದೇವಪ್ಪ ತಿಳಿಸಿದರು.

ಮಾಜಿ ಶಾಸಕ ಆರ್ ನರೇಂದ್ರರವರ ನಿವಾಸಕ್ಕೆ ಭೇಟಿ ನೀಡಿ ಹನೂರು ವಿಧಾನಸಭಾ ಕ್ಷೇತ್ರಗಳ ಸಮಸ್ಯೆಯ ಬಗ್ಗೆ ಸಮಗ್ರ ಮಾಹಿತಿ ಪಡೆದುಕೊಂಡು ಮಾತನಾಡಿದರು.

ಪ್ರದೇಶಗಳಿಗೆ ನೀರಾವರಿ ನೀಡಲು 780 ಕೋಟಿ ರೂ.ಗಳ ಯೋಜನೆ ಸಿದ್ಧವಾಗಿದೆ. ಮಾಜಿ ಶಾಸಕ ಆರ್.ನರೇಂದ್ರ, ಮಾಜಿ ಶಾಸಕ ಜಿ.ಎನ್.ನಂಜುಂಡಸ್ವಾಮಿ ಸೇರಿದಂತೆ ಮುಖಂಡರು ಹಾಜರಿದ್ದರು.

ಪ್ರದೇಶಗಳಿಗೆ ನೀರಾವರಿ ನೀಡಲು 780 ಕೋಟಿ ರೂ.ಗಳ ಯೋಜನೆ ಸಿದ್ಧವಾಗಿದೆ. ಮಾಜಿ ಶಾಸಕ ಆರ್.ನರೇಂದ್ರ, ಮಾಜಿ ಶಾಸಕ ಜಿ.ಎನ್.ನಂಜುಂಡಸ್ವಾಮಿ ಸೇರಿದಂತೆ ಮುಖಂಡರು ಹಾಜರಿದ್ದರು.

ಪ್ರಾಮುಖ್ಯತೆ ನೀಡಲಾಗುತ್ತದೆ. ಕ್ಯಾಬಿನೆಟ್ ಸಭೆ ಜಿಲ್ಲೆಗೆ ಅನುಕೂಲವಾಗಿದೆ. ಈ ನಿಟ್ಟಿನಲ್ಲಿ ಸರ್ಕಾರ ಶ್ರಮಿಸುತ್ತದೆ ಎಂದು ಹೇಳಿದರು.

ಸ್ಥಾನಮಾನ ಕೊಡಿಸಲು ಪ್ರಯತ್ನಿಸುವೆ: ಮಾಜಿ ಶಾಸಕ ಆರ್.ನರೇಂದ್ರ ಅವರಿಗೆ ನಿಗಮ ಮಂಡಳಿ ಅಧ್ಯಕ್ಷ ಸ್ಥಾನ ನೀಡಬೇಕೆಂಬ ಒತ್ತಾಯ ಬಗ್ಗೆ ಪ್ರತಿಕ್ರಿಯಿಸಿದ ಸಚಿವರು, ನರೇಂದ್ರ ಅವರು ಸೋತರೂ ಜನರ ಕೆಲಸ ಮಾಡುತ್ತಿದ್ದಾರೆ. ಹನೂರು ಕ್ಷೇತ್ರದ ಆಗ ಬೇಕಾದ ಕೆಲಸಗಳ ಪಟ್ಟಿ ನೀಡಿದ್ದಾರೆ. ಅವರಿಗೆ ಸ್ಥಾನಮಾನ ಕೊಡಿಸುವ ನಿಟ್ಟಿನಲ್ಲಿ ಪ್ರಯತ್ನಿಸುವೆ ಎಂದರು.

ಸ್ಥಾನಮಾನ ಕೊಡಿಸಲು ಪ್ರಯತ್ನಿಸುವೆ: ಮಾಜಿ ಶಾಸಕ ಆರ್.ನರೇಂದ್ರ ಅವರಿಗೆ ನಿಗಮ ಮಂಡಳಿ ಅಧ್ಯಕ್ಷ ಸ್ಥಾನ ನೀಡಬೇಕೆಂಬ ಒತ್ತಾಯ ಬಗ್ಗೆ ಪ್ರತಿಕ್ರಿಯಿಸಿದ ಸಚಿವರು, ನರೇಂದ್ರ ಅವರು ಸೋತರೂ ಜನರ ಕೆಲಸ ಮಾಡುತ್ತಿದ್ದಾರೆ. ಹನೂರು ಕ್ಷೇತ್ರದ ಆಗ ಬೇಕಾದ ಕೆಲಸಗಳ ಪಟ್ಟಿ ನೀಡಿದ್ದಾರೆ. ಅವರಿಗೆ ಸ್ಥಾನಮಾನ ಕೊಡಿಸುವ ನಿಟ್ಟಿನಲ್ಲಿ ಪ್ರಯತ್ನಿಸುವೆ ಎಂದರು.

ಮಾಜಿ ಶಾಸಕ ಆರ್ ನರೇಂದ್ರರವರ ನಿವಾಸಕ್ಕೆ ಭೇಟಿ ನೀಡಿ ಹನೂರು ವಿಧಾನಸಭಾ ಕ್ಷೇತ್ರಗಳ ಸಮಸ್ಯೆಯ ಬಗ್ಗೆ ಸಮಗ್ರ ಮಾಹಿತಿ ಪಡೆದುಕೊಂಡು ಮಾತನಾಡಿದರು.

30 ರಿಂದ ಫೆಬ್ರವರಿ 13 ರವರೆಗೆ ಸ್ಪರ್ಶ್
ಕುಷ್ಠರೋಗ ಜಾಗೃತಿ ಆಂದೋಲನ

ಬೆಂಗಳೂರು: ರಾಜ್ಯದಲ್ಲಿ 2024-25 ನೇ ಸಾಲಿನ ರಾಷ್ಟ್ರೀಯ ಕುಷ್ಠರೋಗ ನಿರ್ಮೂಲನಾ ಕಾರ್ಯಕ್ರಮದಡಿ ಜನವರಿ 30 ರಿಂದ ಫೆಬ್ರವರಿ 13 ರವರೆಗೆ ಸ್ಪರ್ಶ್ ಕುಷ್ಠರೋಗ ಜಾಗೃತಿ ಆಂದೋಲನವನ್ನು ಹಮ್ಮಿಕೊಳ್ಳಲಾಗಿದೆ. ಕಾರಣಗಳು, ಲಕ್ಷಣಗಳು, ಚಿಕಿತ್ಸೆ ಕುರಿತು ಸಾರ್ವಜನಿಕರಲ್ಲಿ ಅರಿವು ಮೂಡಿಸಲಾಗುವುದು.

ಇದರಿಂದ ರಾಜ್ಯದಲ್ಲಿ 2024-25 ನೇ ಸಾಲಿನಲ್ಲಿ 1785 ಹೊಸ ಕುಷ್ಠರೋಗ ಪ್ರಕರಣಗಳು ಪತ್ತೆಯಾಗಿವೆ. ಚರ್ಮದ ಮೇಲೆ ತಿಳಿ ಬಿಳಿ ಅಥವಾ ತಾಮ್ರ ವರ್ಣದ ಸ್ಪರ್ಶ ಜ್ಞಾನವಿಲ್ಲದ ಮಚ್ಚೆಗಳು ಕುಷ್ಠರೋಗದ ಲಕ್ಷಣಗಳಾಗಿವೆ.

ಶಾಲೆಗಳಲ್ಲಿ, ಗ್ರಾಮ ಸಭೆಗಳಲ್ಲಿ, ಆರೋಗ್ಯ ಕೇಂದ್ರಗಳಲ್ಲಿ ಜಾಗೃತಿ ಕಾರ್ಯಕ್ರಮಗಳನ್ನು ಆಯೋಜಿಸಲಾಗುವುದು. ಕುಷ್ಠರೋಗಕ್ಕೆ ಸರ್ಕಾರಿ ಆಸ್ಪತ್ರೆಗಳಲ್ಲಿ ಉಚಿತ ಚಿಕಿತ್ಸೆ ಲಭ್ಯವಿದೆ. ಸಾರ್ವಜನಿಕರು ಸಹಕರಿಸಬೇಕು ಎಂದು ಇಲಾಖೆ ತಿಳಿಸಿದೆ.

ಇದರಿಂದ ರಾಜ್ಯದಲ್ಲಿ 2024-25 ನೇ ಸಾಲಿನಲ್ಲಿ 1785 ಹೊಸ ಕುಷ್ಠರೋಗ ಪ್ರಕರಣಗಳು ಪತ್ತೆಯಾಗಿವೆ. ಚರ್ಮದ ಮೇಲೆ ತಿಳಿ ಬಿಳಿ ಅಥವಾ ತಾಮ್ರ ವರ್ಣದ ಸ್ಪರ್ಶ ಜ್ಞಾನವಿಲ್ಲದ ಮಚ್ಚೆಗಳು ಕುಷ್ಠರೋಗದ ಲಕ್ಷಣಗಳಾಗಿವೆ.
